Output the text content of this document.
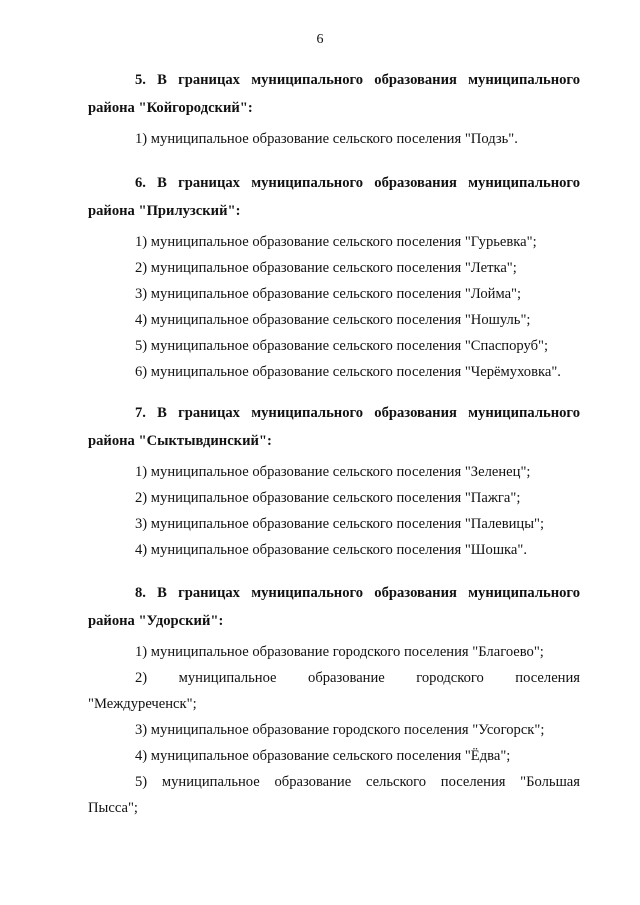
6

5. В границах муниципального образования муниципального
района "Койгородский":

1) муниципальное образование сельского поселения "Подзь".

6. В границах муниципального образования муниципального
района "Прилузский":

1) муниципальное образование сельского поселения "Гурьевка";

2) муниципальное образование сельского поселения "Летка";

3) муниципальное образование сельского поселения "Лойма";

4) муниципальное образование сельского поселения "Ношуль";

5) муниципальное образование сельского поселения "Спаспоруб";

6) муниципальное образование сельского поселения "Черёмуховка".

7. В границах муниципального образования муниципального
района "Сыктывдинский":

1) муниципальное образование сельского поселения "Зеленец";

2) муниципальное образование сельского поселения "Пажга";

3) муниципальное образование сельского поселения "Палевицы";

4) муниципальное образование сельского поселения "Шошка".

8. В границах муниципального образования муниципального
района "Удорский":

1) муниципальное образование городского поселения "Благоево";

2) муниципальное образование городского поселения
"Междуреченск";

3) муниципальное образование городского поселения "Усогорск";

4) муниципальное образование сельского поселения "Ёдва";

5) муниципальное образование сельского поселения "Большая
Пысса";
